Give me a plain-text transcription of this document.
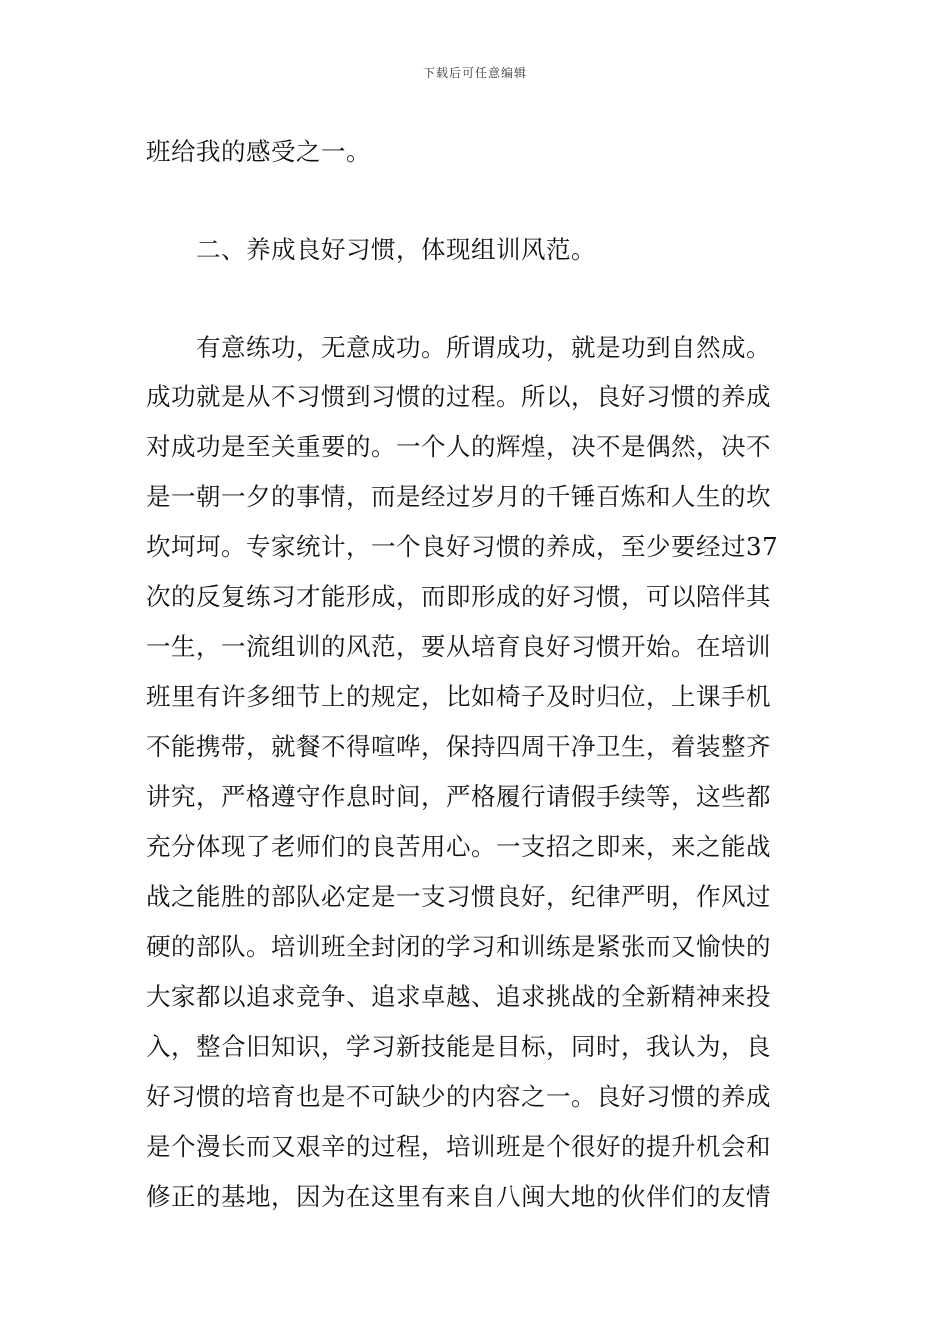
下载后可任意编辑
班给我的感受之一。
二、养成良好习惯，体现组训风范。
有意练功，无意成功。所谓成功，就是功到自然成。
成功就是从不习惯到习惯的过程。所以，良好习惯的养成
对成功是至关重要的。一个人的辉煌，决不是偶然，决不
是一朝一夕的事情，而是经过岁月的千锤百炼和人生的坎
坎坷坷。专家统计，一个良好习惯的养成，至少要经过37
次的反复练习才能形成，而即形成的好习惯，可以陪伴其
一生，一流组训的风范，要从培育良好习惯开始。在培训
班里有许多细节上的规定，比如椅子及时归位，上课手机
不能携带，就餐不得喧哗，保持四周干净卫生，着装整齐
讲究，严格遵守作息时间，严格履行请假手续等，这些都
充分体现了老师们的良苦用心。一支招之即来，来之能战
战之能胜的部队必定是一支习惯良好，纪律严明，作风过
硬的部队。培训班全封闭的学习和训练是紧张而又愉快的
大家都以追求竞争、追求卓越、追求挑战的全新精神来投
入，整合旧知识，学习新技能是目标，同时，我认为，良
好习惯的培育也是不可缺少的内容之一。良好习惯的养成
是个漫长而又艰辛的过程，培训班是个很好的提升机会和
修正的基地，因为在这里有来自八闽大地的伙伴们的友情
